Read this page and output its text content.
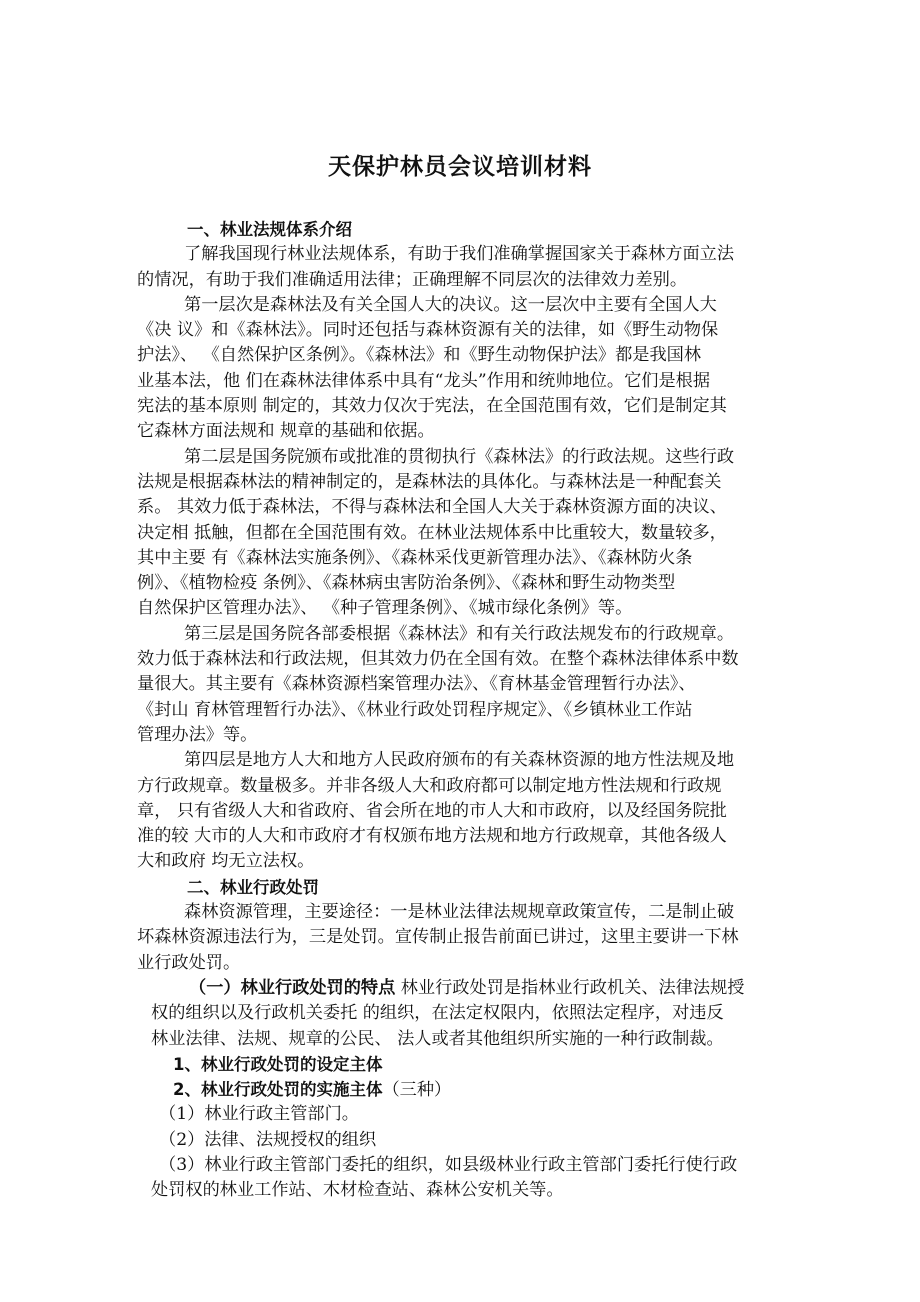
天保护林员会议培训材料
一、林业法规体系介绍
了解我国现行林业法规体系，有助于我们准确掌握国家关于森林方面立法
的情况，有助于我们准确适用法律；正确理解不同层次的法律效力差别。
第一层次是森林法及有关全国人大的决议。这一层次中主要有全国人大
《决 议》和《森林法》。同时还包括与森林资源有关的法律，如《野生动物保
护法》、 《自然保护区条例》。《森林法》和《野生动物保护法》都是我国林
业基本法，他 们在森林法律体系中具有“龙头”作用和统帅地位。它们是根据
宪法的基本原则 制定的，其效力仅次于宪法，在全国范围有效，它们是制定其
它森林方面法规和 规章的基础和依据。
第二层是国务院颁布或批准的贯彻执行《森林法》的行政法规。这些行政
法规是根据森林法的精神制定的，是森林法的具体化。与森林法是一种配套关
系。 其效力低于森林法，不得与森林法和全国人大关于森林资源方面的决议、
决定相 抵触，但都在全国范围有效。在林业法规体系中比重较大，数量较多，
其中主要 有《森林法实施条例》、《森林采伐更新管理办法》、《森林防火条
例》、《植物检疫 条例》、《森林病虫害防治条例》、《森林和野生动物类型
自然保护区管理办法》、 《种子管理条例》、《城市绿化条例》等。
第三层是国务院各部委根据《森林法》和有关行政法规发布的行政规章。
效力低于森林法和行政法规，但其效力仍在全国有效。在整个森林法律体系中数
量很大。其主要有《森林资源档案管理办法》、《育林基金管理暂行办法》、
《封山 育林管理暂行办法》、《林业行政处罚程序规定》、《乡镇林业工作站
管理办法》等。
第四层是地方人大和地方人民政府颁布的有关森林资源的地方性法规及地
方行政规章。数量极多。并非各级人大和政府都可以制定地方性法规和行政规
章， 只有省级人大和省政府、省会所在地的市人大和市政府，以及经国务院批
准的较 大市的人大和市政府才有权颁布地方法规和地方行政规章，其他各级人
大和政府 均无立法权。
二、林业行政处罚
森林资源管理，主要途径：一是林业法律法规规章政策宣传，二是制止破
坏森林资源违法行为，三是处罚。宣传制止报告前面已讲过，这里主要讲一下林
业行政处罚。
（一）林业行政处罚的特点 林业行政处罚是指林业行政机关、法律法规授
权的组织以及行政机关委托 的组织，在法定权限内，依照法定程序，对违反
林业法律、法规、规章的公民、 法人或者其他组织所实施的一种行政制裁。
1、林业行政处罚的设定主体
2、林业行政处罚的实施主体（三种）
（1）林业行政主管部门。
（2）法律、法规授权的组织
（3）林业行政主管部门委托的组织，如县级林业行政主管部门委托行使行政
处罚权的林业工作站、木材检查站、森林公安机关等。
